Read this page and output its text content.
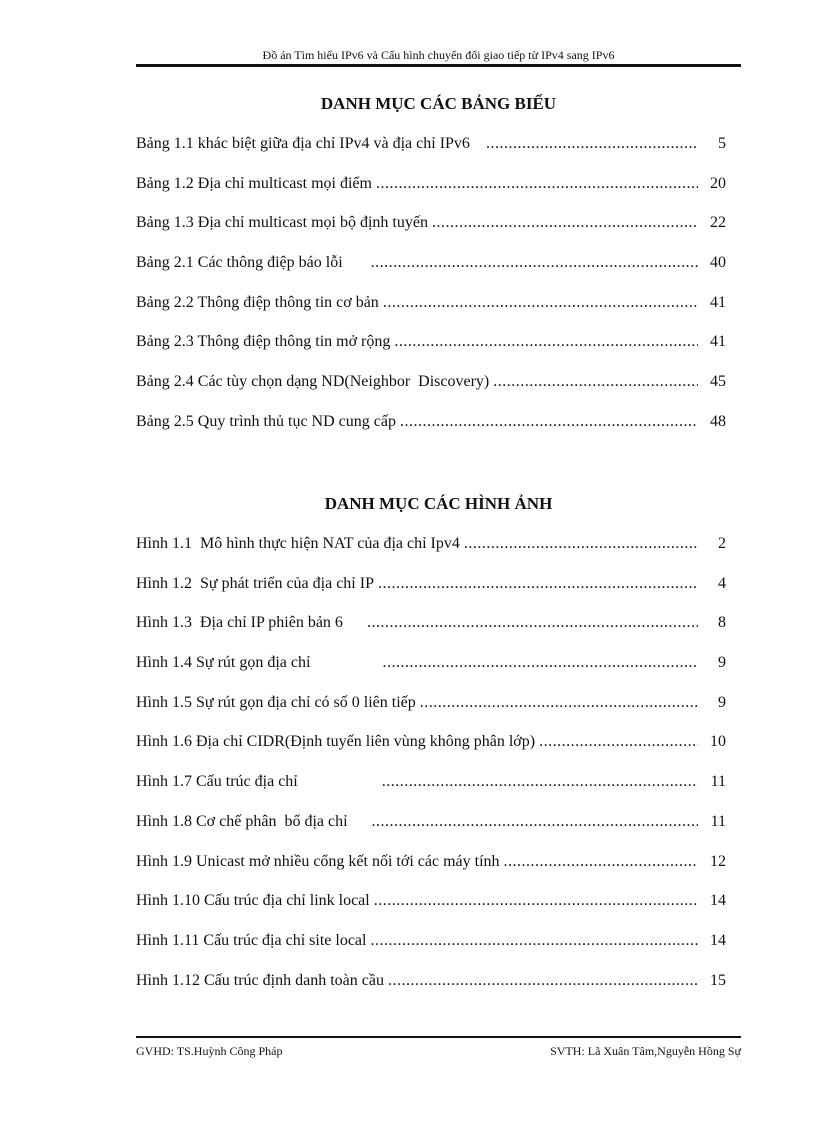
Đồ án Tìm hiểu IPv6 và Cấu hình chuyển đổi giao tiếp từ IPv4 sang IPv6
DANH MỤC CÁC BẢNG BIỂU
Bảng 1.1 khác biệt giữa địa chỉ IPv4 và địa chỉ IPv6 .....	5
Bảng 1.2 Địa chỉ multicast mọi điểm .....	20
Bảng 1.3 Địa chỉ multicast mọi bộ định tuyến .....	22
Bảng 2.1 Các thông điệp báo lỗi .....	40
Bảng 2.2 Thông điệp thông tin cơ bản .....	41
Bảng 2.3 Thông điệp thông tin mở rộng .....	41
Bảng 2.4 Các tùy chọn dạng ND(Neighbor  Discovery) .....	45
Bảng 2.5 Quy trình thủ tục ND cung cấp .....	48
DANH MỤC CÁC HÌNH ẢNH
Hình 1.1  Mô hình thực hiện NAT của địa chỉ Ipv4 .....	2
Hình 1.2  Sự phát triển của địa chỉ IP .....	4
Hình 1.3  Địa chỉ IP phiên bản 6 .....	8
Hình 1.4 Sự rút gọn địa chỉ .....	9
Hình 1.5 Sự rút gọn địa chỉ có số 0 liên tiếp .....	9
Hình 1.6 Địa chỉ CIDR(Định tuyến liên vùng không phân lớp) .....	10
Hình 1.7 Cấu trúc địa chỉ .....	11
Hình 1.8 Cơ chế phân  bổ địa chỉ .....	11
Hình 1.9 Unicast mở nhiều cổng kết nối tới các máy tính .....	12
Hình 1.10 Cấu trúc địa chỉ link local .....	14
Hình 1.11 Cấu trúc địa chỉ site local .....	14
Hình 1.12 Cấu trúc định danh toàn cầu .....	15
GVHD: TS.Huỳnh Công Pháp	SVTH: Lã Xuân Tâm,Nguyễn Hồng Sự
